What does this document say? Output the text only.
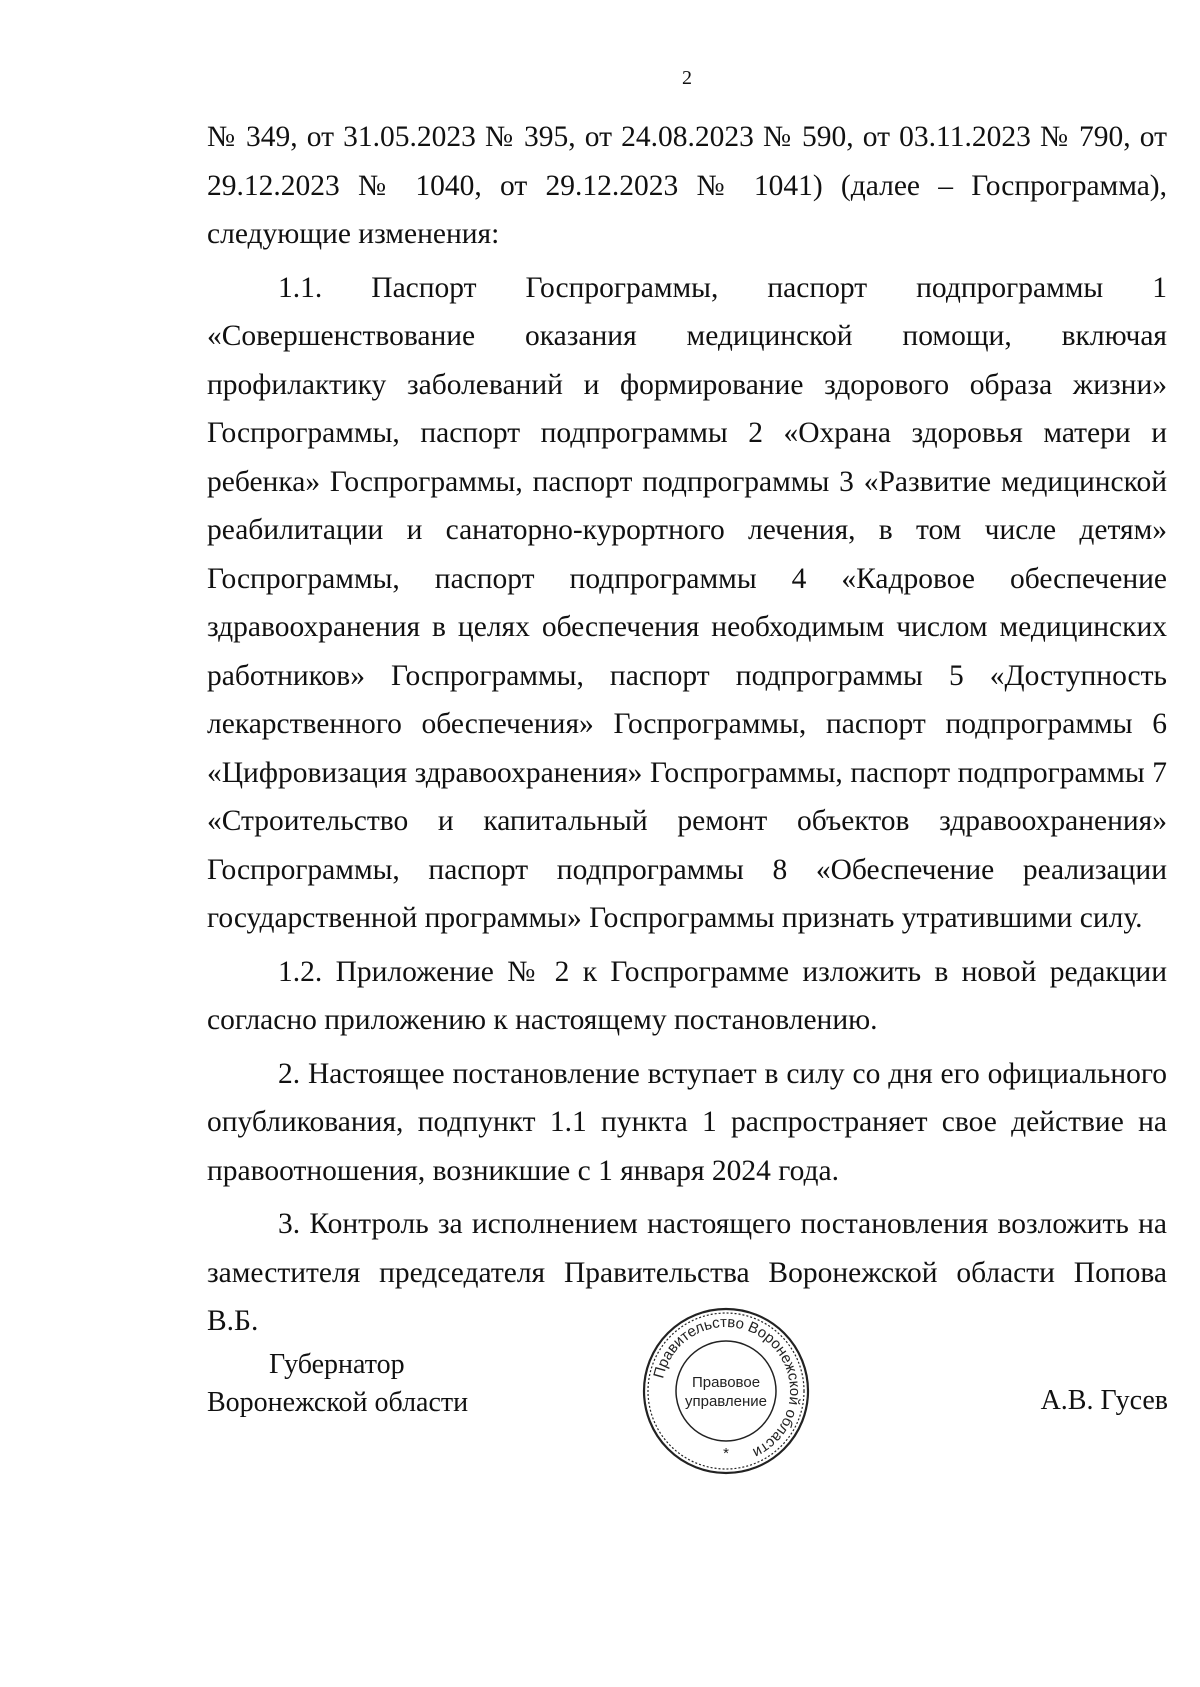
2

№ 349, от 31.05.2023 № 395, от 24.08.2023 № 590, от 03.11.2023 № 790, от 29.12.2023 № 1040, от 29.12.2023 № 1041) (далее – Госпрограмма), следующие изменения:

1.1. Паспорт Госпрограммы, паспорт подпрограммы 1 «Совершенствование оказания медицинской помощи, включая профилактику заболеваний и формирование здорового образа жизни» Госпрограммы, паспорт подпрограммы 2 «Охрана здоровья матери и ребенка» Госпрограммы, паспорт подпрограммы 3 «Развитие медицинской реабилитации и санаторно-курортного лечения, в том числе детям» Госпрограммы, паспорт подпрограммы 4 «Кадровое обеспечение здравоохранения в целях обеспечения необходимым числом медицинских работников» Госпрограммы, паспорт подпрограммы 5 «Доступность лекарственного обеспечения» Госпрограммы, паспорт подпрограммы 6 «Цифровизация здравоохранения» Госпрограммы, паспорт подпрограммы 7 «Строительство и капитальный ремонт объектов здравоохранения» Госпрограммы, паспорт подпрограммы 8 «Обеспечение реализации государственной программы» Госпрограммы признать утратившими силу.

1.2. Приложение № 2 к Госпрограмме изложить в новой редакции согласно приложению к настоящему постановлению.

2. Настоящее постановление вступает в силу со дня его официального опубликования, подпункт 1.1 пункта 1 распространяет свое действие на правоотношения, возникшие с 1 января 2024 года.

3. Контроль за исполнением настоящего постановления возложить на заместителя председателя Правительства Воронежской области Попова В.Б.

Губернатор
Воронежской области
Правительство Воронежской области
Правовое
управление
*
А.В. Гусев
